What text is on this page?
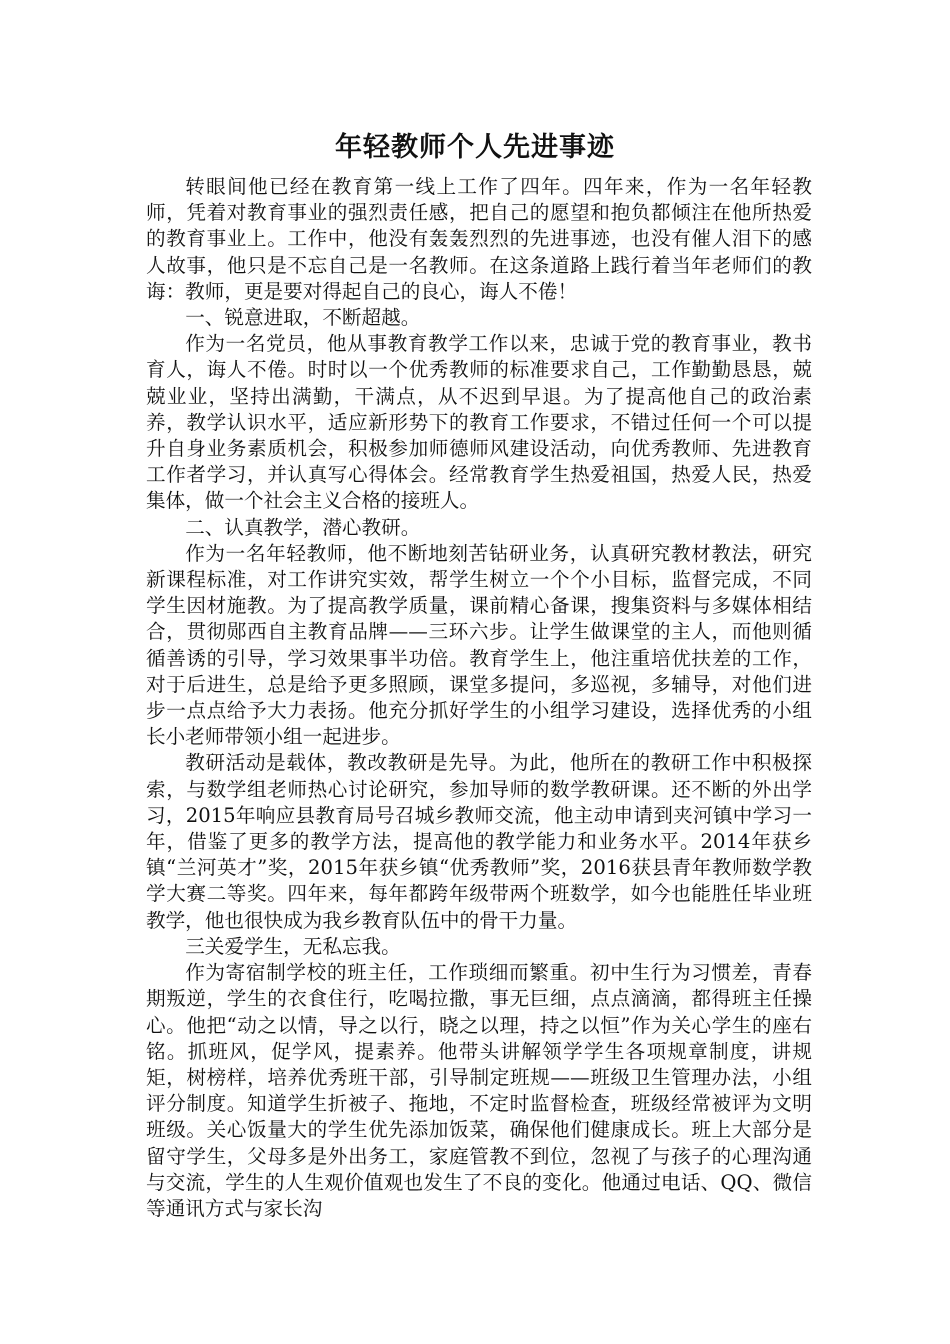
年轻教师个人先进事迹

转眼间他已经在教育第一线上工作了四年。四年来，作为一名年轻教师，凭着对教育事业的强烈责任感，把自己的愿望和抱负都倾注在他所热爱的教育事业上。工作中，他没有轰轰烈烈的先进事迹，也没有催人泪下的感人故事，他只是不忘自己是一名教师。在这条道路上践行着当年老师们的教诲：教师，更是要对得起自己的良心，诲人不倦！

一、锐意进取，不断超越。

作为一名党员，他从事教育教学工作以来，忠诚于党的教育事业，教书育人，诲人不倦。时时以一个优秀教师的标准要求自己，工作勤勤恳恳，兢兢业业，坚持出满勤，干满点，从不迟到早退。为了提高他自己的政治素养，教学认识水平，适应新形势下的教育工作要求，不错过任何一个可以提升自身业务素质机会，积极参加师德师风建设活动，向优秀教师、先进教育工作者学习，并认真写心得体会。经常教育学生热爱祖国，热爱人民，热爱集体，做一个社会主义合格的接班人。

二、认真教学，潜心教研。

作为一名年轻教师，他不断地刻苦钻研业务，认真研究教材教法，研究新课程标准，对工作讲究实效，帮学生树立一个个小目标，监督完成，不同学生因材施教。为了提高教学质量，课前精心备课，搜集资料与多媒体相结合，贯彻郧西自主教育品牌——三环六步。让学生做课堂的主人，而他则循循善诱的引导，学习效果事半功倍。教育学生上，他注重培优扶差的工作，对于后进生，总是给予更多照顾，课堂多提问，多巡视，多辅导，对他们进步一点点给予大力表扬。他充分抓好学生的小组学习建设，选择优秀的小组长小老师带领小组一起进步。

教研活动是载体，教改教研是先导。为此，他所在的教研工作中积极探索，与数学组老师热心讨论研究，参加导师的数学教研课。还不断的外出学习，2015年响应县教育局号召城乡教师交流，他主动申请到夹河镇中学习一年，借鉴了更多的教学方法，提高他的教学能力和业务水平。2014年获乡镇“兰河英才”奖，2015年获乡镇“优秀教师”奖，2016获县青年教师数学教学大赛二等奖。四年来，每年都跨年级带两个班数学，如今也能胜任毕业班教学，他也很快成为我乡教育队伍中的骨干力量。

三关爱学生，无私忘我。

作为寄宿制学校的班主任，工作琐细而繁重。初中生行为习惯差，青春期叛逆，学生的衣食住行，吃喝拉撒，事无巨细，点点滴滴，都得班主任操心。他把“动之以情，导之以行，晓之以理，持之以恒”作为关心学生的座右铭。抓班风，促学风，提素养。他带头讲解领学学生各项规章制度，讲规矩，树榜样，培养优秀班干部，引导制定班规——班级卫生管理办法，小组评分制度。知道学生折被子、拖地，不定时监督检查，班级经常被评为文明班级。关心饭量大的学生优先添加饭菜，确保他们健康成长。班上大部分是留守学生，父母多是外出务工，家庭管教不到位，忽视了与孩子的心理沟通与交流，学生的人生观价值观也发生了不良的变化。他通过电话、QQ、微信等通讯方式与家长沟
